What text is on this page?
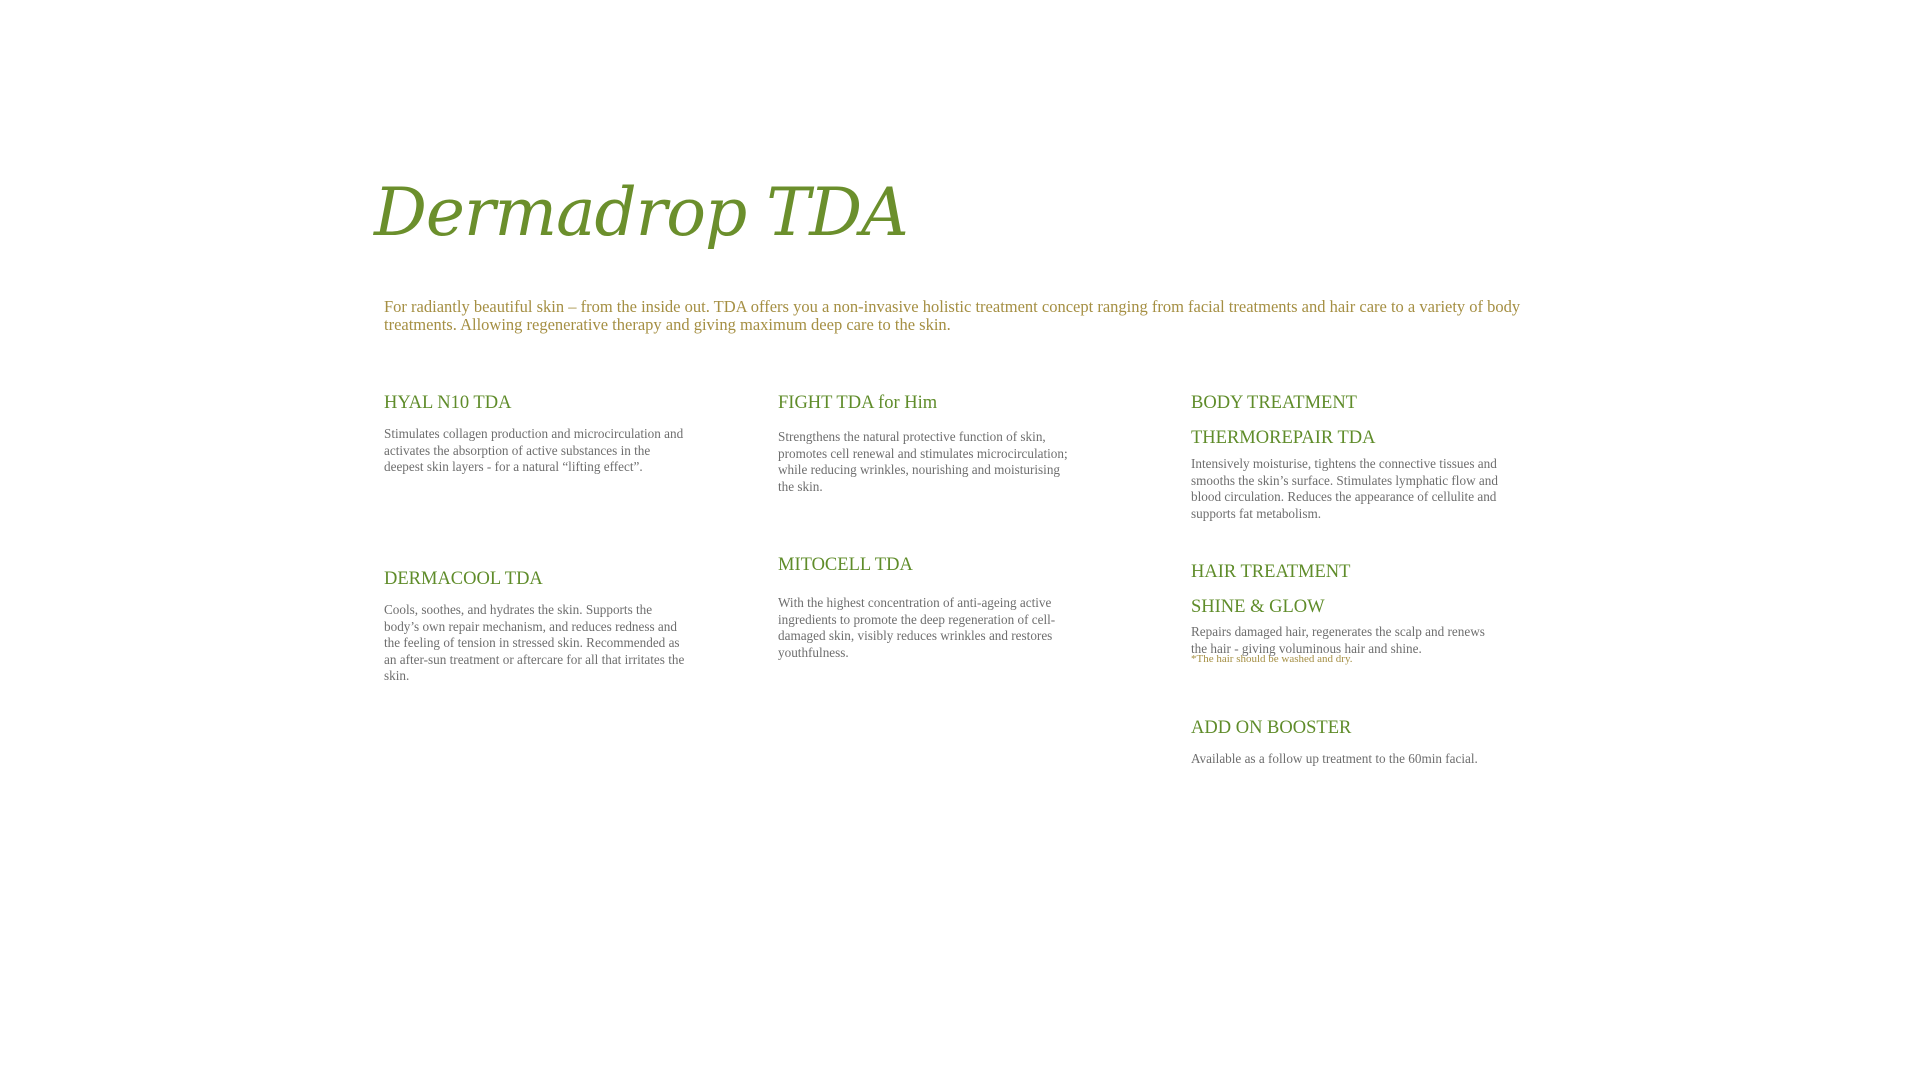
Dermadrop TDA

For radiantly beautiful skin – from the inside out. TDA offers you a non-invasive holistic treatment concept ranging from facial treatments and hair care to a variety of body treatments. Allowing regenerative therapy and giving maximum deep care to the skin.

HYAL N10 TDA

Stimulates collagen production and microcirculation and activates the absorption of active substances in the deepest skin layers - for a natural “lifting effect”.

DERMACOOL TDA

Cools, soothes, and hydrates the skin. Supports the body’s own repair mechanism, and reduces redness and the feeling of tension in stressed skin. Recommended as an after-sun treatment or aftercare for all that irritates the skin.

FIGHT TDA for Him

Strengthens the natural protective function of skin, promotes cell renewal and stimulates microcirculation; while reducing wrinkles, nourishing and moisturising the skin.

MITOCELL TDA

With the highest concentration of anti-ageing active ingredients to promote the deep regeneration of cell-damaged skin, visibly reduces wrinkles and restores youthfulness.

BODY TREATMENT
THERMOREPAIR TDA

Intensively moisturise, tightens the connective tissues and smooths the skin’s surface. Stimulates lymphatic flow and blood circulation. Reduces the appearance of cellulite and supports fat metabolism.

HAIR TREATMENT
SHINE & GLOW

Repairs damaged hair, regenerates the scalp and renews the hair - giving voluminous hair and shine.

*The hair should be washed and dry.

ADD ON BOOSTER

Available as a follow up treatment to the 60min facial.
